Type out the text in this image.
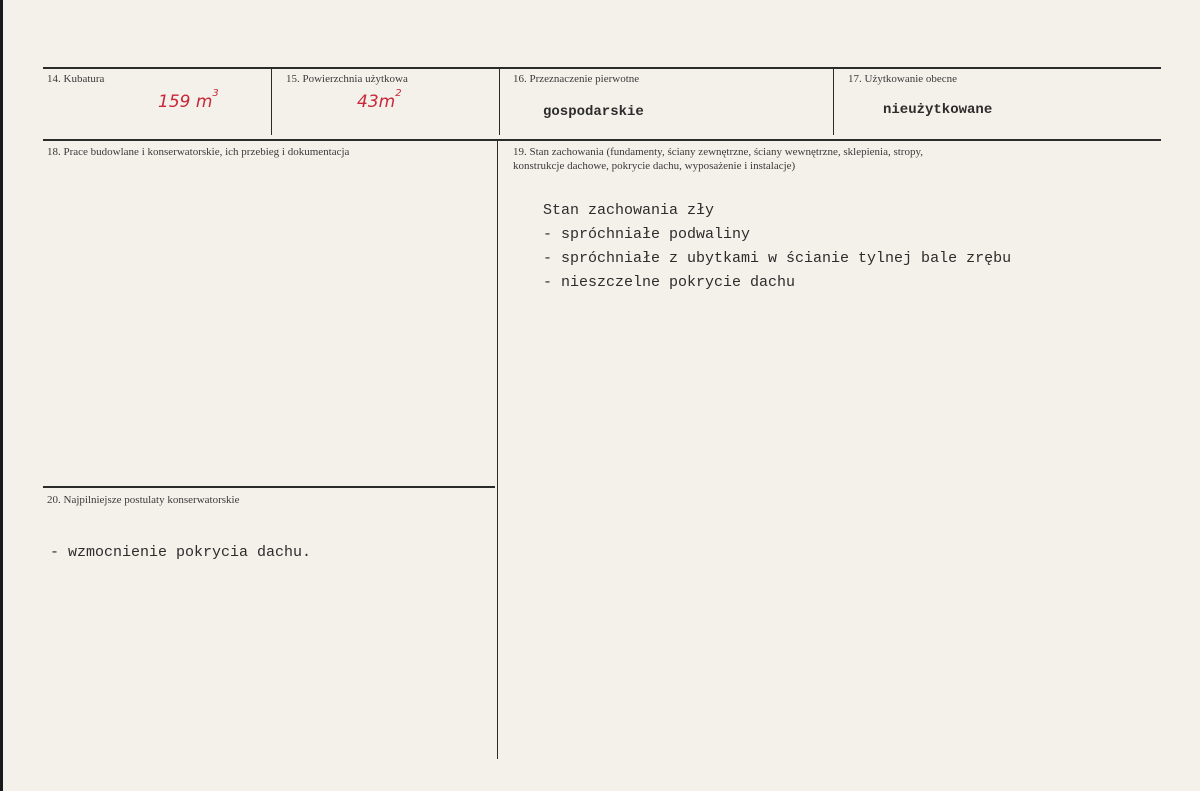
14. Kubatura
159 $m^3$
15. Powierzchnia użytkowa
$43m^2$
16. Przeznaczenie pierwotne
gospodarskie
17. Użytkowanie obecne
nieużytkowane
18. Prace budowlane i konserwatorskie, ich przebieg i dokumentacja	19. Stan zachowania (fundamenty, ściany zewnętrzne, ściany wewnętrzne, sklepienia, stropy,
konstrukcje dachowe, pokrycie dachu, wyposażenie i instalacje)
Stan zachowania zły
- spróchniałe podwaliny
- spróchniałe z ubytkami w ścianie tylnej bale zrębu
- nieszczelne pokrycie dachu
20. Najpilniejsze postulaty konserwatorskie
- wzmocnienie pokrycia dachu.
